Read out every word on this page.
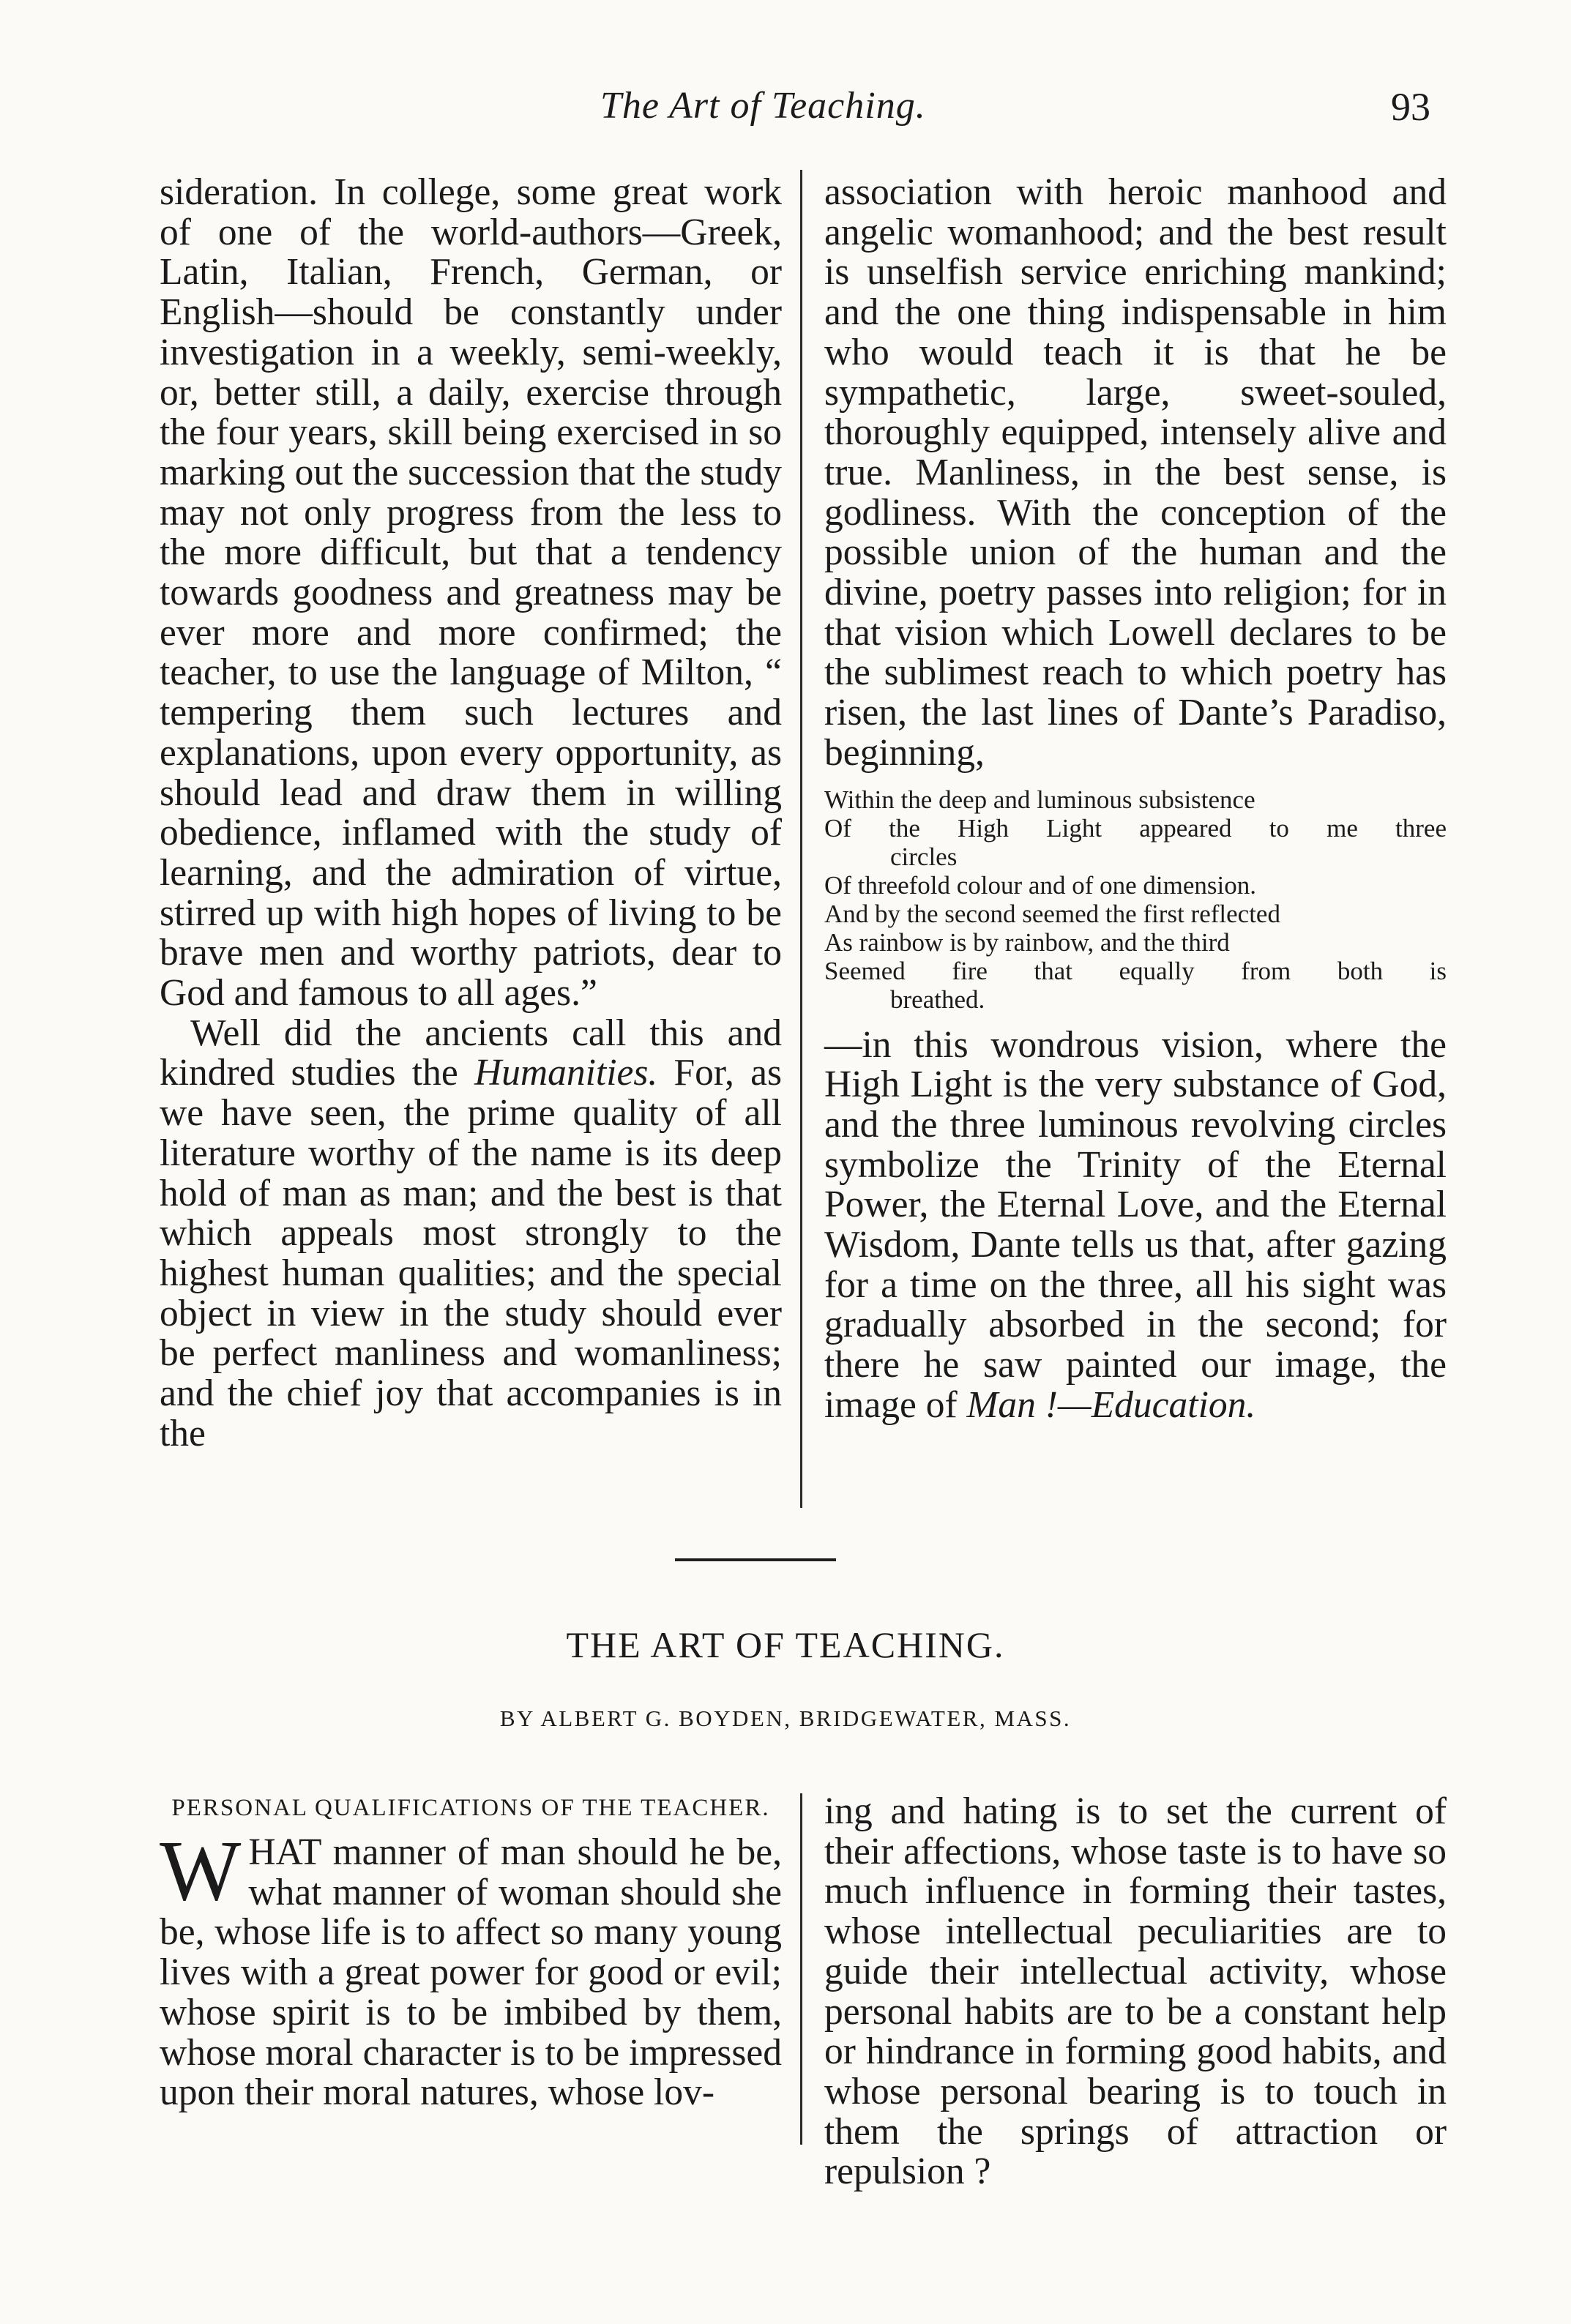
The Art of Teaching.	93

sideration. In college, some great work of one of the world-authors—Greek, Latin, Italian, French, German, or English—should be constantly under investigation in a weekly, semi-weekly, or, better still, a daily, exercise through the four years, skill being exercised in so marking out the succession that the study may not only progress from the less to the more difficult, but that a tendency towards goodness and greatness may be ever more and more confirmed; the teacher, to use the language of Milton, “ tempering them such lectures and explanations, upon every opportunity, as should lead and draw them in willing obedience, inflamed with the study of learning, and the admiration of virtue, stirred up with high hopes of living to be brave men and worthy patriots, dear to God and famous to all ages.”

Well did the ancients call this and kindred studies the Humanities. For, as we have seen, the prime quality of all literature worthy of the name is its deep hold of man as man; and the best is that which appeals most strongly to the highest human qualities; and the special object in view in the study should ever be perfect manliness and womanliness; and the chief joy that accompanies is in the

association with heroic manhood and angelic womanhood; and the best result is unselfish service enriching mankind; and the one thing indispensable in him who would teach it is that he be sympathetic, large, sweet-souled, thoroughly equipped, intensely alive and true. Manliness, in the best sense, is godliness. With the conception of the possible union of the human and the divine, poetry passes into religion; for in that vision which Lowell declares to be the sublimest reach to which poetry has risen, the last lines of Dante’s Paradiso, beginning,

Within the deep and luminous subsistence
Of the High Light appeared to me three
circles
Of threefold colour and of one dimension.
And by the second seemed the first reflected
As rainbow is by rainbow, and the third
Seemed fire that equally from both is
breathed.

—in this wondrous vision, where the High Light is the very substance of God, and the three luminous revolving circles symbolize the Trinity of the Eternal Power, the Eternal Love, and the Eternal Wisdom, Dante tells us that, after gazing for a time on the three, all his sight was gradually absorbed in the second; for there he saw painted our image, the image of Man !—Education.

THE ART OF TEACHING.
BY ALBERT G. BOYDEN, BRIDGEWATER, MASS.
PERSONAL QUALIFICATIONS OF THE TEACHER.

WHAT manner of man should he be, what manner of woman should she be, whose life is to affect so many young lives with a great power for good or evil; whose spirit is to be imbibed by them, whose moral character is to be impressed upon their moral natures, whose lov-

ing and hating is to set the current of their affections, whose taste is to have so much influence in forming their tastes, whose intellectual peculiarities are to guide their intellectual activity, whose personal habits are to be a constant help or hindrance in forming good habits, and whose personal bearing is to touch in them the springs of attraction or repulsion ?
